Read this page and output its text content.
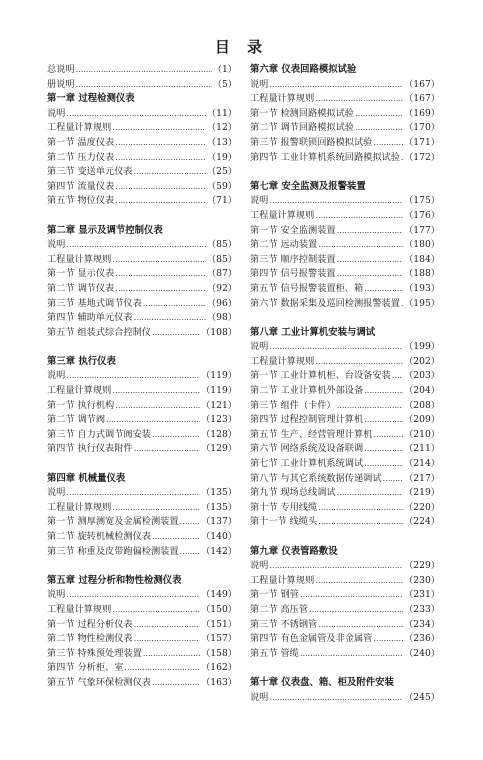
目 录
总说明 ………………………………………………………………………………………………………………	（1）
册说明 ………………………………………………………………………………………………………………	（5）
第一章 过程检测仪表
说明 ………………………………………………………………………………………………………………	（11）
工程量计算规则 ………………………………………………………………………………………………………………	（12）
第一节 温度仪表 ………………………………………………………………………………………………………………	（13）
第二节 压力仪表 ………………………………………………………………………………………………………………	（19）
第三节 变送单元仪表 ………………………………………………………………………………………………………………	（25）
第四节 流量仪表 ………………………………………………………………………………………………………………	（59）
第五节 物位仪表 ………………………………………………………………………………………………………………	（71）
第二章 显示及调节控制仪表
说明 ………………………………………………………………………………………………………………	（85）
工程量计算规则 ………………………………………………………………………………………………………………	（85）
第一节 显示仪表 ………………………………………………………………………………………………………………	（87）
第二节 调节仪表 ………………………………………………………………………………………………………………	（92）
第三节 基地式调节仪表 ………………………………………………………………………………………………………………	（96）
第四节 辅助单元仪表 ………………………………………………………………………………………………………………	（98）
第五节 组装式综合控制仪 ………………………………………………………………………………………………………………	（108）
第三章 执行仪表
说明 ………………………………………………………………………………………………………………	（119）
工程量计算规则 ………………………………………………………………………………………………………………	（119）
第一节 执行机构 ………………………………………………………………………………………………………………	（121）
第二节 调节阀 ………………………………………………………………………………………………………………	（123）
第三节 自力式调节阀安装 ………………………………………………………………………………………………………………	（128）
第四节 执行仪表附件 ………………………………………………………………………………………………………………	（129）
第四章 机械量仪表
说明 ………………………………………………………………………………………………………………	（135）
工程量计算规则 ………………………………………………………………………………………………………………	（135）
第一节 测厚测宽及金属检测装置 ……………………………………………………………………………………………………………… （137）
第二节 旋转机械检测仪表 ………………………………………………………………………………………………………………	（140）
第三节 称重及皮带跑偏检测装置 ……………………………………………………………………………………………………………… （142）
第五章 过程分析和物性检测仪表
说明 ………………………………………………………………………………………………………………	（149）
工程量计算规则 ………………………………………………………………………………………………………………	（150）
第一节 过程分析仪表 ………………………………………………………………………………………………………………	（151）
第二节 物性检测仪表 ………………………………………………………………………………………………………………	（157）
第三节 特殊预处理装置 ………………………………………………………………………………………………………………	（158）
第四节 分析柜、室 ………………………………………………………………………………………………………………	（162）
第五节 气象环保检测仪表 ………………………………………………………………………………………………………………	（163）
第六章 仪表回路模拟试验
说明 ………………………………………………………………………………………………………………	（167）
工程量计算规则 ………………………………………………………………………………………………………………	（167）
第一节 检测回路模拟试验 ………………………………………………………………………………………………………………	（169）
第二节 调节回路模拟试验 ………………………………………………………………………………………………………………	（170）
第三节 报警联锁回路模拟试验 ………………………………………………………………………………………………………………	（171）
第四节 工业计算机系统回路模拟试验 ……………………………………………………………………………………………………………… （172）
第七章 安全监测及报警装置
说明 ………………………………………………………………………………………………………………	（175）
工程量计算规则 ………………………………………………………………………………………………………………	（176）
第一节 安全监测装置 ………………………………………………………………………………………………………………	（177）
第二节 远动装置 ………………………………………………………………………………………………………………	（180）
第三节 顺序控制装置 ………………………………………………………………………………………………………………	（184）
第四节 信号报警装置 ………………………………………………………………………………………………………………	（188）
第五节 信号报警装置柜、箱 ………………………………………………………………………………………………………………	（193）
第六节 数据采集及巡回检测报警装置 ……………………………………………………………………………………………………………… （195）
第八章 工业计算机安装与调试
说明 ………………………………………………………………………………………………………………	（199）
工程量计算规则 ………………………………………………………………………………………………………………	（202）
第一节 工业计算机柜、台设备安装 ……………………………………………………………………………………………………………… （203）
第二节 工业计算机外部设备 ………………………………………………………………………………………………………………	（204）
第三节 组件（卡件） ………………………………………………………………………………………………………………	（208）
第四节 过程控制管理计算机 ………………………………………………………………………………………………………………	（209）
第五节 生产、经营管理计算机 ………………………………………………………………………………………………………………	（210）
第六节 网络系统及设备联调 ………………………………………………………………………………………………………………	（211）
第七节 工业计算机系统调试 ………………………………………………………………………………………………………………	（214）
第八节 与其它系统数据传递调试 ……………………………………………………………………………………………………………… （217）
第九节 现场总线调试 ………………………………………………………………………………………………………………	（219）
第十节 专用线缆 ………………………………………………………………………………………………………………	（220）
第十一节 线缆头 ………………………………………………………………………………………………………………	（224）
第九章 仪表管路敷设
说明 ………………………………………………………………………………………………………………	（229）
工程量计算规则 ………………………………………………………………………………………………………………	（230）
第一节 钢管 ………………………………………………………………………………………………………………	（231）
第二节 高压管 ………………………………………………………………………………………………………………	（233）
第三节 不锈钢管 ………………………………………………………………………………………………………………	（234）
第四节 有色金属管及非金属管 ………………………………………………………………………………………………………………	（236）
第五节 管缆 ………………………………………………………………………………………………………………	（240）
第十章 仪表盘、箱、柜及附件安装
说明 ………………………………………………………………………………………………………………	（245）
